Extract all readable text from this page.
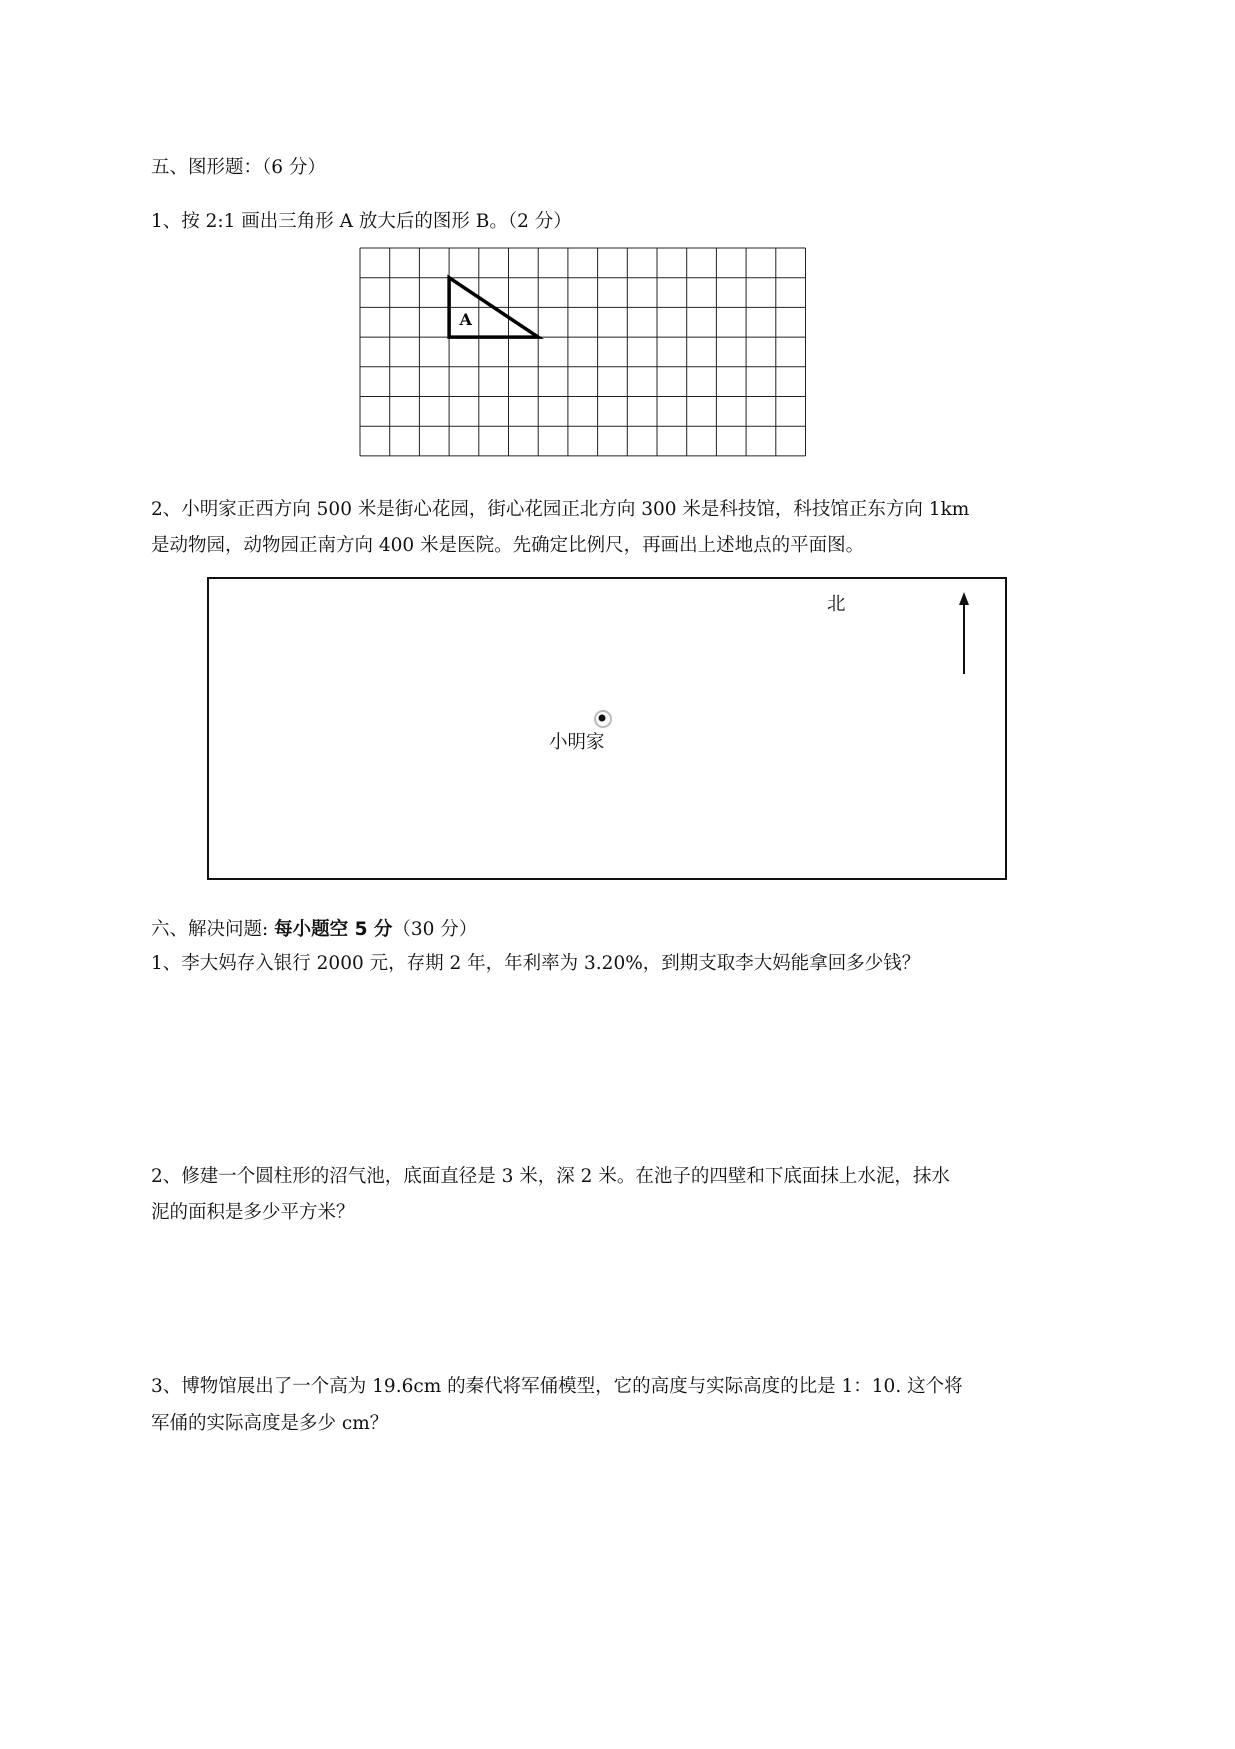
五、图形题：（6 分）
1、按 2:1 画出三角形 A 放大后的图形 B。（2 分）
A
2、小明家正西方向 500 米是街心花园，街心花园正北方向 300 米是科技馆，科技馆正东方向 1km
是动物园，动物园正南方向 400 米是医院。先确定比例尺，再画出上述地点的平面图。
北
小明家
六、解决问题: 每小题空 5 分（30 分）
1、李大妈存入银行 2000 元，存期 2 年，年利率为 3.20%，到期支取李大妈能拿回多少钱？
2、修建一个圆柱形的沼气池，底面直径是 3 米，深 2 米。在池子的四壁和下底面抹上水泥，抹水
泥的面积是多少平方米？
3、博物馆展出了一个高为 19.6cm 的秦代将军俑模型，它的高度与实际高度的比是 1：10. 这个将
军俑的实际高度是多少 cm？
